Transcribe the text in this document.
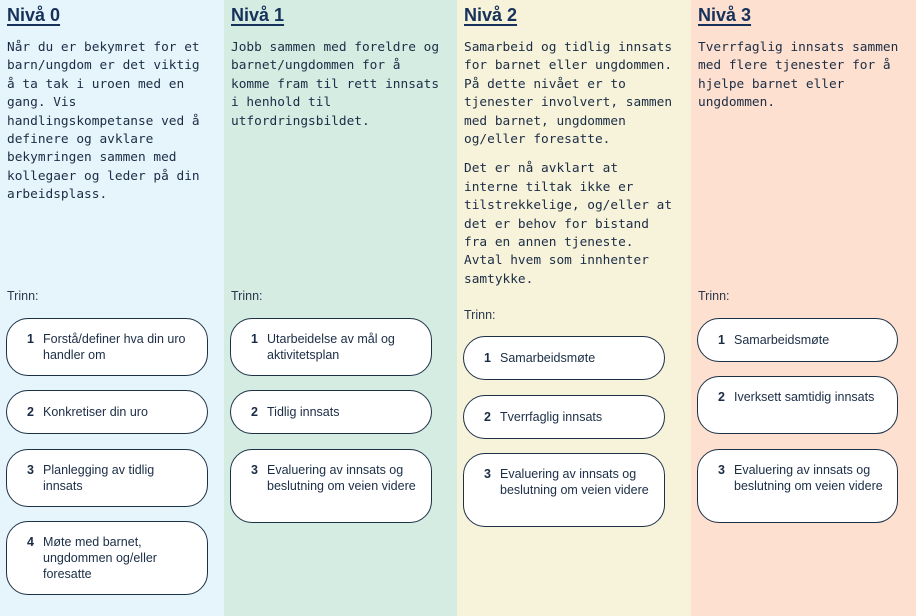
Nivå 0

Når du er bekymret for et barn/ungdom er det viktig å ta tak i uroen med en gang. Vis handlingskompetanse ved å definere og avklare bekymringen sammen med kollegaer og leder på din arbeidsplass.

Trinn:
1 Forstå/definer hva din uro handler om
2 Konkretiser din uro
3 Planlegging av tidlig innsats
4 Møte med barnet, ungdommen og/eller foresatte
Nivå 1

Jobb sammen med foreldre og barnet/ungdommen for å komme fram til rett innsats i henhold til utfordringsbildet.

Trinn:
1 Utarbeidelse av mål og aktivitetsplan
2 Tidlig innsats
3 Evaluering av innsats og beslutning om veien videre
Nivå 2

Samarbeid og tidlig innsats for barnet eller ungdommen. På dette nivået er to tjenester involvert, sammen med barnet, ungdommen og/eller foresatte.

Det er nå avklart at interne tiltak ikke er tilstrekkelige, og/eller at det er behov for bistand fra en annen tjeneste. Avtal hvem som innhenter samtykke.

Trinn:
1 Samarbeidsmøte
2 Tverrfaglig innsats
3 Evaluering av innsats og beslutning om veien videre
Nivå 3

Tverrfaglig innsats sammen med flere tjenester for å hjelpe barnet eller ungdommen.

Trinn:
1 Samarbeidsmøte
2 Iverksett samtidig innsats
3 Evaluering av innsats og beslutning om veien videre
